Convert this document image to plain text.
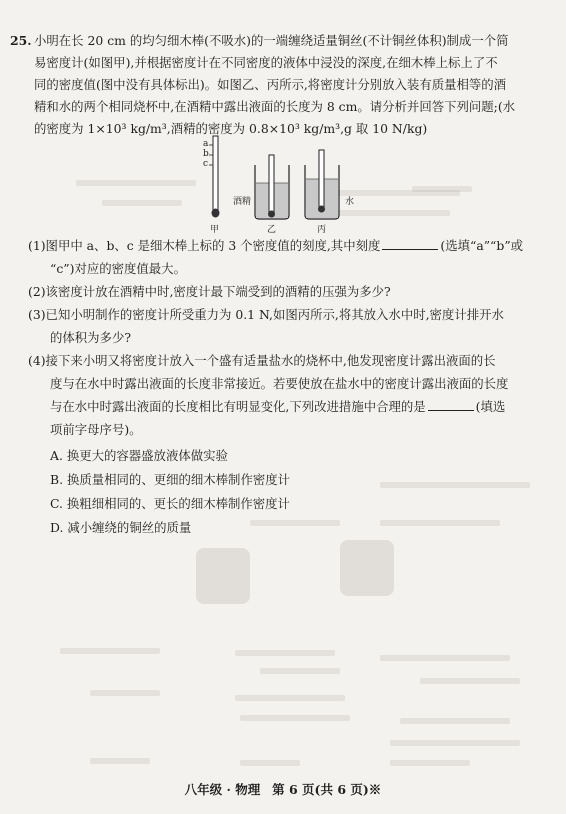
25. 小明在长 20 cm 的均匀细木棒(不吸水)的一端缠绕适量铜丝(不计铜丝体积)制成一个简
易密度计(如图甲),并根据密度计在不同密度的液体中浸没的深度,在细木棒上标上了不
同的密度值(图中没有具体标出)。如图乙、丙所示,将密度计分别放入装有质量相等的酒
精和水的两个相同烧杯中,在酒精中露出液面的长度为 8 cm。请分析并回答下列问题;(水
的密度为 1×10³ kg/m³,酒精的密度为 0.8×10³ kg/m³,g 取 10 N/kg)
a
b
c
甲
酒精
乙
水
丙
(1)图甲中 a、b、c 是细木棒上标的 3 个密度值的刻度,其中刻度	(选填“a”“b”或
“c”)对应的密度值最大。
(2)该密度计放在酒精中时,密度计最下端受到的酒精的压强为多少?
(3)已知小明制作的密度计所受重力为 0.1 N,如图丙所示,将其放入水中时,密度计排开水
的体积为多少?
(4)接下来小明又将密度计放入一个盛有适量盐水的烧杯中,他发现密度计露出液面的长
度与在水中时露出液面的长度非常接近。若要使放在盐水中的密度计露出液面的长度
与在水中时露出液面的长度相比有明显变化,下列改进措施中合理的是	(填选
项前字母序号)。
A. 换更大的容器盛放液体做实验
B. 换质量相同的、更细的细木棒制作密度计
C. 换粗细相同的、更长的细木棒制作密度计
D. 减小缠绕的铜丝的质量
八年级 · 物理 第 6 页(共 6 页)※
